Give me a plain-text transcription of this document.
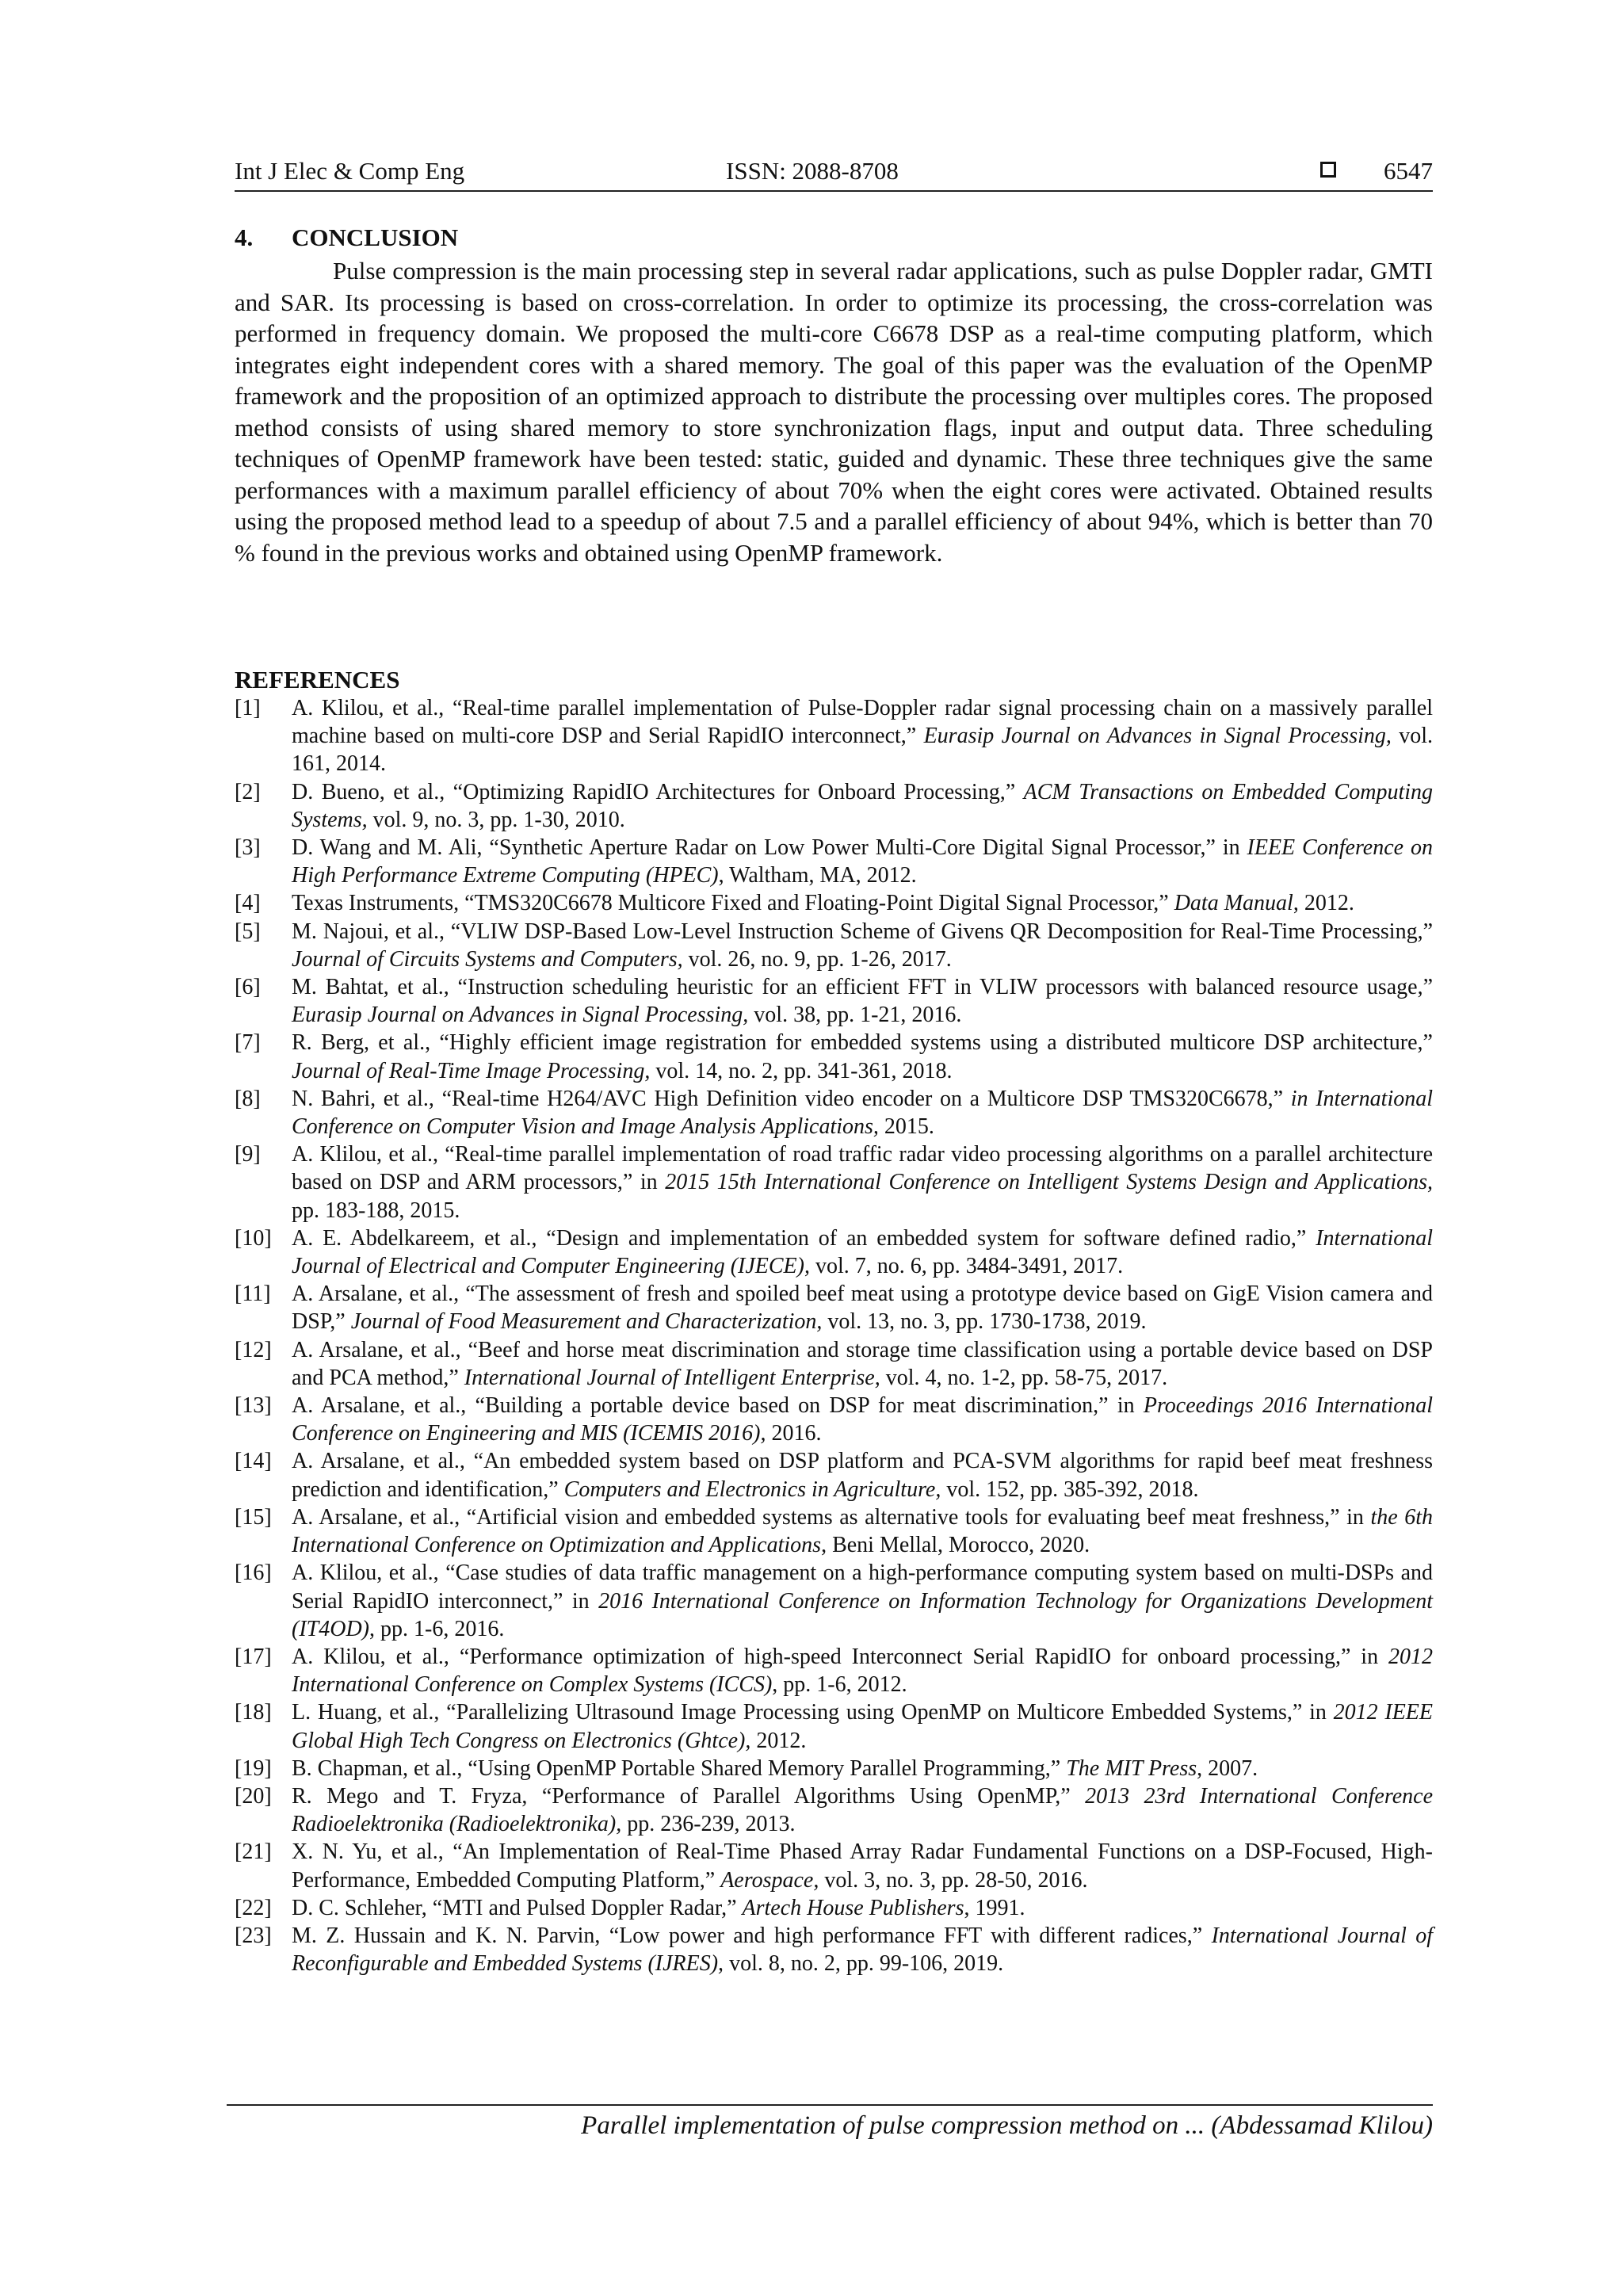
Int J Elec & Comp Eng	ISSN: 2088-8708	6547
4. CONCLUSION

Pulse compression is the main processing step in several radar applications, such as pulse Doppler radar, GMTI and SAR. Its processing is based on cross-correlation. In order to optimize its processing, the cross-correlation was performed in frequency domain. We proposed the multi-core C6678 DSP as a real-time computing platform, which integrates eight independent cores with a shared memory. The goal of this paper was the evaluation of the OpenMP framework and the proposition of an optimized approach to distribute the processing over multiples cores. The proposed method consists of using shared memory to store synchronization flags, input and output data. Three scheduling techniques of OpenMP framework have been tested: static, guided and dynamic. These three techniques give the same performances with a maximum parallel efficiency of about 70% when the eight cores were activated. Obtained results using the proposed method lead to a speedup of about 7.5 and a parallel efficiency of about 94%, which is better than 70 % found in the previous works and obtained using OpenMP framework.

REFERENCES
[1] A. Klilou, et al., “Real-time parallel implementation of Pulse-Doppler radar signal processing chain on a massively parallel machine based on multi-core DSP and Serial RapidIO interconnect,” Eurasip Journal on Advances in Signal Processing, vol. 161, 2014.
[2] D. Bueno, et al., “Optimizing RapidIO Architectures for Onboard Processing,” ACM Transactions on Embedded Computing Systems, vol. 9, no. 3, pp. 1-30, 2010.
[3] D. Wang and M. Ali, “Synthetic Aperture Radar on Low Power Multi-Core Digital Signal Processor,” in IEEE Conference on High Performance Extreme Computing (HPEC), Waltham, MA, 2012.
[4] Texas Instruments, “TMS320C6678 Multicore Fixed and Floating-Point Digital Signal Processor,” Data Manual, 2012.
[5] M. Najoui, et al., “VLIW DSP-Based Low-Level Instruction Scheme of Givens QR Decomposition for Real-Time Processing,” Journal of Circuits Systems and Computers, vol. 26, no. 9, pp. 1-26, 2017.
[6] M. Bahtat, et al., “Instruction scheduling heuristic for an efficient FFT in VLIW processors with balanced resource usage,” Eurasip Journal on Advances in Signal Processing, vol. 38, pp. 1-21, 2016.
[7] R. Berg, et al., “Highly efficient image registration for embedded systems using a distributed multicore DSP architecture,” Journal of Real-Time Image Processing, vol. 14, no. 2, pp. 341-361, 2018.
[8] N. Bahri, et al., “Real-time H264/AVC High Definition video encoder on a Multicore DSP TMS320C6678,” in International Conference on Computer Vision and Image Analysis Applications, 2015.
[9] A. Klilou, et al., “Real-time parallel implementation of road traffic radar video processing algorithms on a parallel architecture based on DSP and ARM processors,” in 2015 15th International Conference on Intelligent Systems Design and Applications, pp. 183-188, 2015.
[10] A. E. Abdelkareem, et al., “Design and implementation of an embedded system for software defined radio,” International Journal of Electrical and Computer Engineering (IJECE), vol. 7, no. 6, pp. 3484-3491, 2017.
[11] A. Arsalane, et al., “The assessment of fresh and spoiled beef meat using a prototype device based on GigE Vision camera and DSP,” Journal of Food Measurement and Characterization, vol. 13, no. 3, pp. 1730-1738, 2019.
[12] A. Arsalane, et al., “Beef and horse meat discrimination and storage time classification using a portable device based on DSP and PCA method,” International Journal of Intelligent Enterprise, vol. 4, no. 1-2, pp. 58-75, 2017.
[13] A. Arsalane, et al., “Building a portable device based on DSP for meat discrimination,” in Proceedings 2016 International Conference on Engineering and MIS (ICEMIS 2016), 2016.
[14] A. Arsalane, et al., “An embedded system based on DSP platform and PCA-SVM algorithms for rapid beef meat freshness prediction and identification,” Computers and Electronics in Agriculture, vol. 152, pp. 385-392, 2018.
[15] A. Arsalane, et al., “Artificial vision and embedded systems as alternative tools for evaluating beef meat freshness,” in the 6th International Conference on Optimization and Applications, Beni Mellal, Morocco, 2020.
[16] A. Klilou, et al., “Case studies of data traffic management on a high-performance computing system based on multi-DSPs and Serial RapidIO interconnect,” in 2016 International Conference on Information Technology for Organizations Development (IT4OD), pp. 1-6, 2016.
[17] A. Klilou, et al., “Performance optimization of high-speed Interconnect Serial RapidIO for onboard processing,” in 2012 International Conference on Complex Systems (ICCS), pp. 1-6, 2012.
[18] L. Huang, et al., “Parallelizing Ultrasound Image Processing using OpenMP on Multicore Embedded Systems,” in 2012 IEEE Global High Tech Congress on Electronics (Ghtce), 2012.
[19] B. Chapman, et al., “Using OpenMP Portable Shared Memory Parallel Programming,” The MIT Press, 2007.
[20] R. Mego and T. Fryza, “Performance of Parallel Algorithms Using OpenMP,” 2013 23rd International Conference Radioelektronika (Radioelektronika), pp. 236-239, 2013.
[21] X. N. Yu, et al., “An Implementation of Real-Time Phased Array Radar Fundamental Functions on a DSP-Focused, High-Performance, Embedded Computing Platform,” Aerospace, vol. 3, no. 3, pp. 28-50, 2016.
[22] D. C. Schleher, “MTI and Pulsed Doppler Radar,” Artech House Publishers, 1991.
[23] M. Z. Hussain and K. N. Parvin, “Low power and high performance FFT with different radices,” International Journal of Reconfigurable and Embedded Systems (IJRES), vol. 8, no. 2, pp. 99-106, 2019.
Parallel implementation of pulse compression method on ... (Abdessamad Klilou)
